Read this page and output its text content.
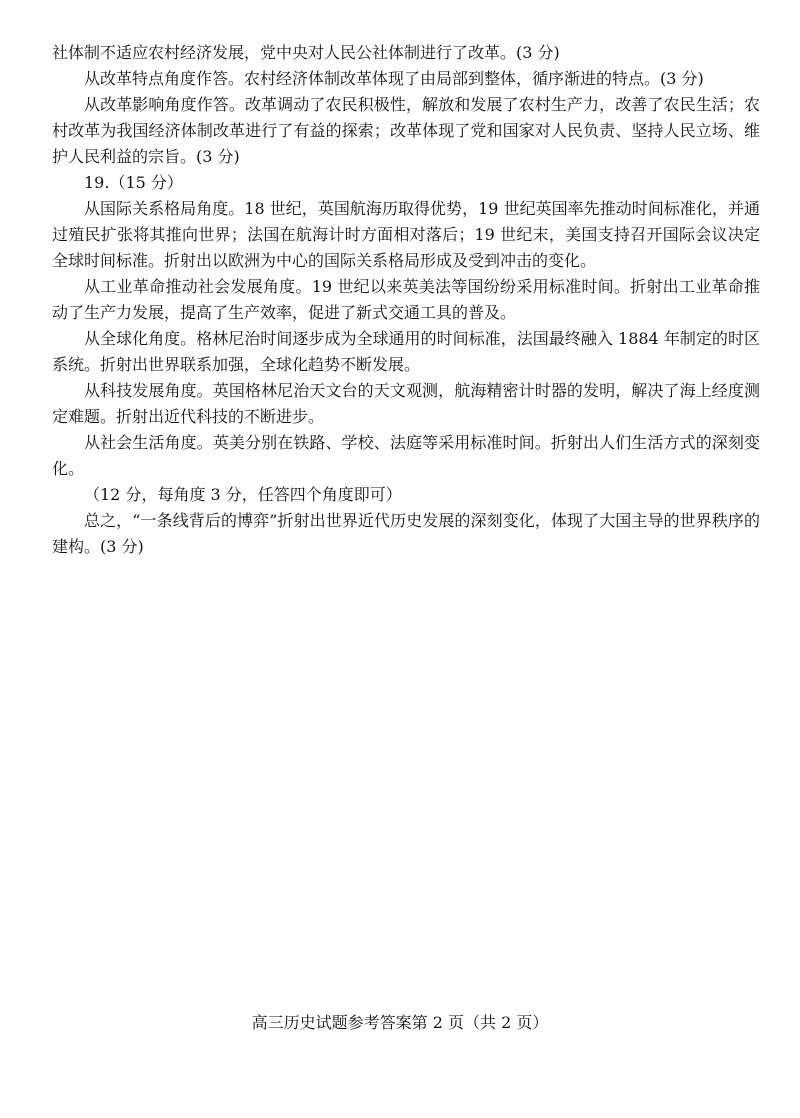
社体制不适应农村经济发展，党中央对人民公社体制进行了改革。(3 分)

从改革特点角度作答。农村经济体制改革体现了由局部到整体，循序渐进的特点。(3 分)

从改革影响角度作答。改革调动了农民积极性，解放和发展了农村生产力，改善了农民生活；农村改革为我国经济体制改革进行了有益的探索；改革体现了党和国家对人民负责、坚持人民立场、维护人民利益的宗旨。(3 分)

19.（15 分）

从国际关系格局角度。18 世纪，英国航海历取得优势，19 世纪英国率先推动时间标准化，并通过殖民扩张将其推向世界；法国在航海计时方面相对落后；19 世纪末，美国支持召开国际会议决定全球时间标准。折射出以欧洲为中心的国际关系格局形成及受到冲击的变化。

从工业革命推动社会发展角度。19 世纪以来英美法等国纷纷采用标准时间。折射出工业革命推动了生产力发展，提高了生产效率，促进了新式交通工具的普及。

从全球化角度。格林尼治时间逐步成为全球通用的时间标准，法国最终融入 1884 年制定的时区系统。折射出世界联系加强，全球化趋势不断发展。

从科技发展角度。英国格林尼治天文台的天文观测，航海精密计时器的发明，解决了海上经度测定难题。折射出近代科技的不断进步。

从社会生活角度。英美分别在铁路、学校、法庭等采用标准时间。折射出人们生活方式的深刻变化。

（12 分，每角度 3 分，任答四个角度即可）

总之，“一条线背后的博弈”折射出世界近代历史发展的深刻变化，体现了大国主导的世界秩序的建构。(3 分)

高三历史试题参考答案第 2 页（共 2 页）
